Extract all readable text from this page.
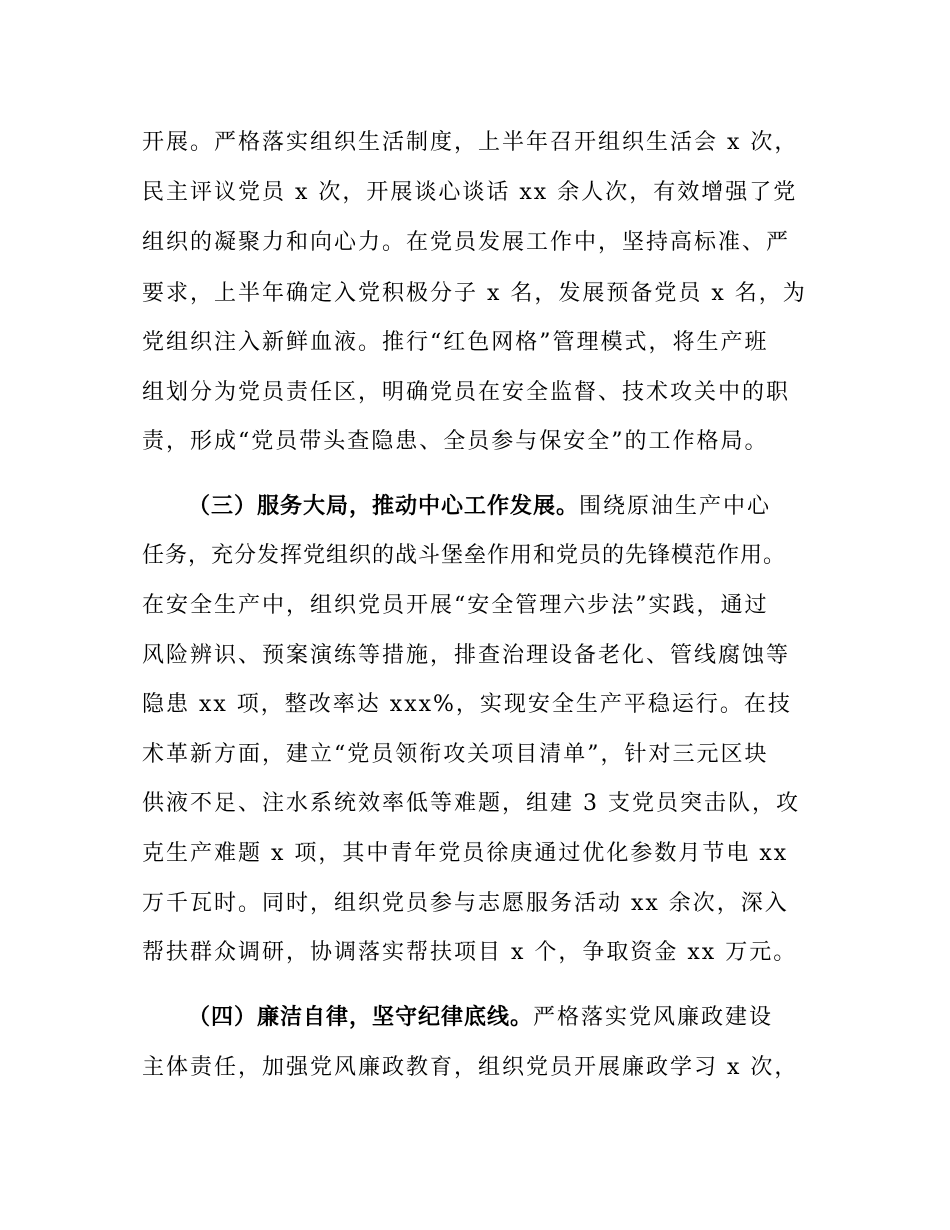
开展。严格落实组织生活制度，上半年召开组织生活会 x 次，
民主评议党员 x 次，开展谈心谈话 xx 余人次，有效增强了党
组织的凝聚力和向心力。在党员发展工作中，坚持高标准、严
要求，上半年确定入党积极分子 x 名，发展预备党员 x 名，为
党组织注入新鲜血液。推行“红色网格”管理模式，将生产班
组划分为党员责任区，明确党员在安全监督、技术攻关中的职
责，形成“党员带头查隐患、全员参与保安全”的工作格局。
（三）服务大局，推动中心工作发展。围绕原油生产中心
任务，充分发挥党组织的战斗堡垒作用和党员的先锋模范作用。
在安全生产中，组织党员开展“安全管理六步法”实践，通过
风险辨识、预案演练等措施，排查治理设备老化、管线腐蚀等
隐患 xx 项，整改率达 xxx%，实现安全生产平稳运行。在技
术革新方面，建立“党员领衔攻关项目清单”，针对三元区块
供液不足、注水系统效率低等难题，组建 3 支党员突击队，攻
克生产难题 x 项，其中青年党员徐庚通过优化参数月节电 xx
万千瓦时。同时，组织党员参与志愿服务活动 xx 余次，深入
帮扶群众调研，协调落实帮扶项目 x 个，争取资金 xx 万元。
（四）廉洁自律，坚守纪律底线。严格落实党风廉政建设
主体责任，加强党风廉政教育，组织党员开展廉政学习 x 次，
